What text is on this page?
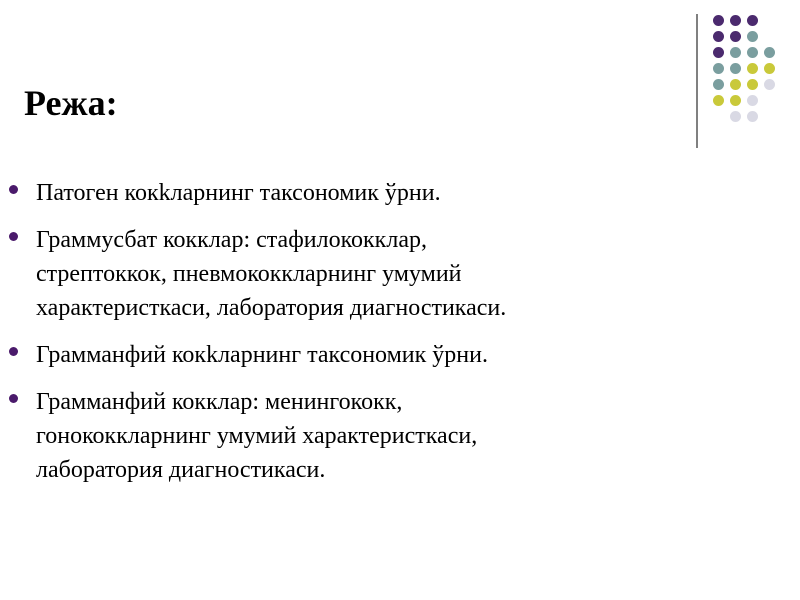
Режа:
Патоген кокkларнинг таксономик ўрни.
Граммусбат кокклар: стафилококклар,
стрептоккок, пневмококкларнинг умумий
характеристкаси, лаборатория диагностикаси.
Грамманфий кокkларнинг таксономик ўрни.
Грамманфий кокклар: менингококк,
гонококкларнинг умумий характеристкаси,
лаборатория диагностикаси.
